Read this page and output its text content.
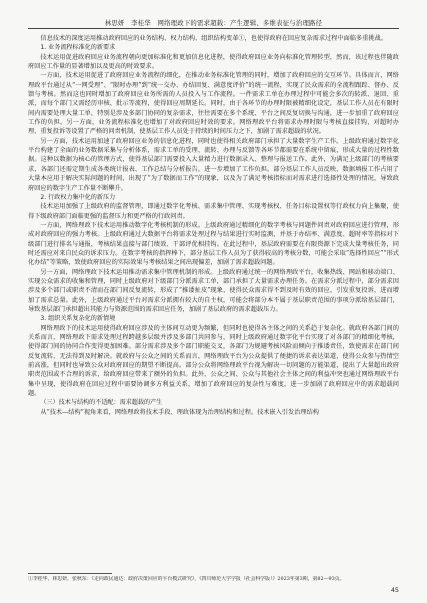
林思妍　李桂华　网络理政下的需求超载：产生逻辑、多维表征与治理路径

信息技术的深度运用推动政府回应的业务结构、权力结构、组织结构变革①，也使得政府在回应复杂需求过程中面临多重挑战。

1. 业务流程标准化的新要求

技术运用促进政府回应业务流程朝向更加标准化和更加信息化进程，使得政府回应业务向标准化管理转型，然而，该过程也伴随政府回应工作量的显著增加以及更高的时效要求。

一方面，技术运用促进了政府回应业务流程的细化，在推动业务标准化管理的同时，增加了政府回应的交互环节。具体而言，网络理政平台通过从“一网受理”、“限时办理”到“统一交办、办结回复、满意度评价”的统一流程，实现了民众需求的全流程跟踪、督办、反馈与考核。然而这也同时增加了政府回应业务所需的人员投入与工作流程。一件需求工单在办理过程中可能会多次的转派、退回、重派，而每个部门又需经历审核、批示等流程，使得回应周期延长。同时，由于各环节的办理时限被精细化设定，基层工作人员在有限时间内需要处理大量工单，特别是涉及多部门协同的复杂需求，往往需要在多个系统、平台之间反复切换与沟通，进一步加重了政府回应工作的负担。另一方面，业务流程标准化也增加了对政府回应时效的要求。网络理政平台将需求办理时限与考核直接挂钩，对超时办理、重复投诉等设置了严格的问责机制，使基层工作人员处于持续的时间压力之下，加剧了需求超载的状况。

另一方面，技术运用加速了政府回应业务的信息化进程，同时也使得相关政府部门承担了大量数字生产工作。上级政府通过数字化平台构建了全面的业务数据采集与分析体系，需求工单的受理、流转、办理与反馈等各环节都需要在系统中留痕，形成大量的过程性数据。这种以数据为核心的管理方式，使得基层部门需要投入大量精力进行数据录入、整理与报送工作。此外，为满足上级部门的考核要求，各部门还需定期生成各类统计报表、工作总结与分析报告，进一步增加了工作负担。部分基层工作人员反映，数据填报工作占用了大量本应用于解决实际问题的时间，出现了“为了数据而工作”的现象，以及为了满足考核指标而对需求进行选择性处理的情况，导致政府回应的数字生产工作量不断攀升。

2. 行政权力集中化的新压力

技术运用加强了上级政府的监督管理，即通过数字化考核、需求集中管理、实现考核权、任务目标设置权等行政权力向上集聚，使得下级政府部门面临更强的监督压力和更严格的行政问责。

一方面，网络理政下技术运用推动数字化考核机制的形成。上级政府通过精细化的数字考核与问题件问责对政府回应进行管理，形成对政府回应的强力考核。上级政府通过大数据平台将需求处理过程与结果进行实时监测，并基于办结率、满意度、超时率等指标对下级部门进行排名与通报，考核结果直接与部门绩效、干部评优相挂钩。在此过程中，基层政府需要在有限资源下完成大量考核任务，同时还需应对来自民众的诉求压力。在数字考核的指挥棒下，部分基层工作人员为了获得较高的考核分数，可能会采取“选择性回应”“形式化办结”等策略，致使政府回应的实际效果与考核结果之间出现偏差，加剧了需求超载问题。

另一方面，网络理政下技术运用推动需求集中管理机制的形成。上级政府通过统一的网络理政平台，收集热线、网站和移动端口、实现公众需求的收集和管理，同时上级政府对下级部门分派需求工单，部门承担了大量需求办理任务。在需求分派过程中，部分需求因涉及多个部门或职责不清而在部门间反复流转，形成了“推诿扯皮”现象，使得民众需求得不到及时有效的回应，引发重复投诉，进而增加了需求总量。此外，上级政府通过平台对需求分派拥有较大的自主权，可能会将部分本不属于基层职责范围的事项分派给基层部门，导致基层部门承担超出其能力与资源范围的需求回应任务，加剧了基层政府的需求超载压力。

3. 组织关系复杂化的新情境

网络理政下的技术运用使得政府回应涉及的主体间互动更为频繁，但同时也使得各主体之间的关系趋于复杂化。就政府各部门间的关系而言，网络理政下需求处理过程跨越多层级并涉及多部门共同参与，同时上级政府通过数字化平台实现了对各部门的精细化考核，使得部门间的协同合作变得更加困难。部分需求涉及多个部门职能交叉，各部门为规避考核风险而倾向于推诿责任，致使需求在部门间反复流转，无法得到及时解决。就政府与公众之间的关系而言，网络理政平台为公众提供了便捷的诉求表达渠道，使得公众参与热情空前高涨，但同时也导致公众对政府回应的期望不断提高。部分公众将网络理政平台视为解决一切问题的万能渠道，提出了大量超出政府职责范围或不合理的诉求，给政府回应带来了额外的负担。此外，公众之间、公众与其他社会主体之间的利益冲突也通过网络理政平台集中呈现，使得政府在回应过程中需要协调多方利益关系，增加了政府回应的复杂性与难度，进一步加剧了政府回应中的需求超载问题。

（三）技术与结构的不适配：需求超载的产生

从“技术—结构”视角来看，网络理政将技术手段、理政体现为治理结构和过程。技术嵌入引发治理结构

①李桂华，林思妍，张秋东：《走向政民通达：政府决策回应的平台模式研究》，《四川师范大学学报（社会科学版）》2023年第3期，第82—93页。
45
